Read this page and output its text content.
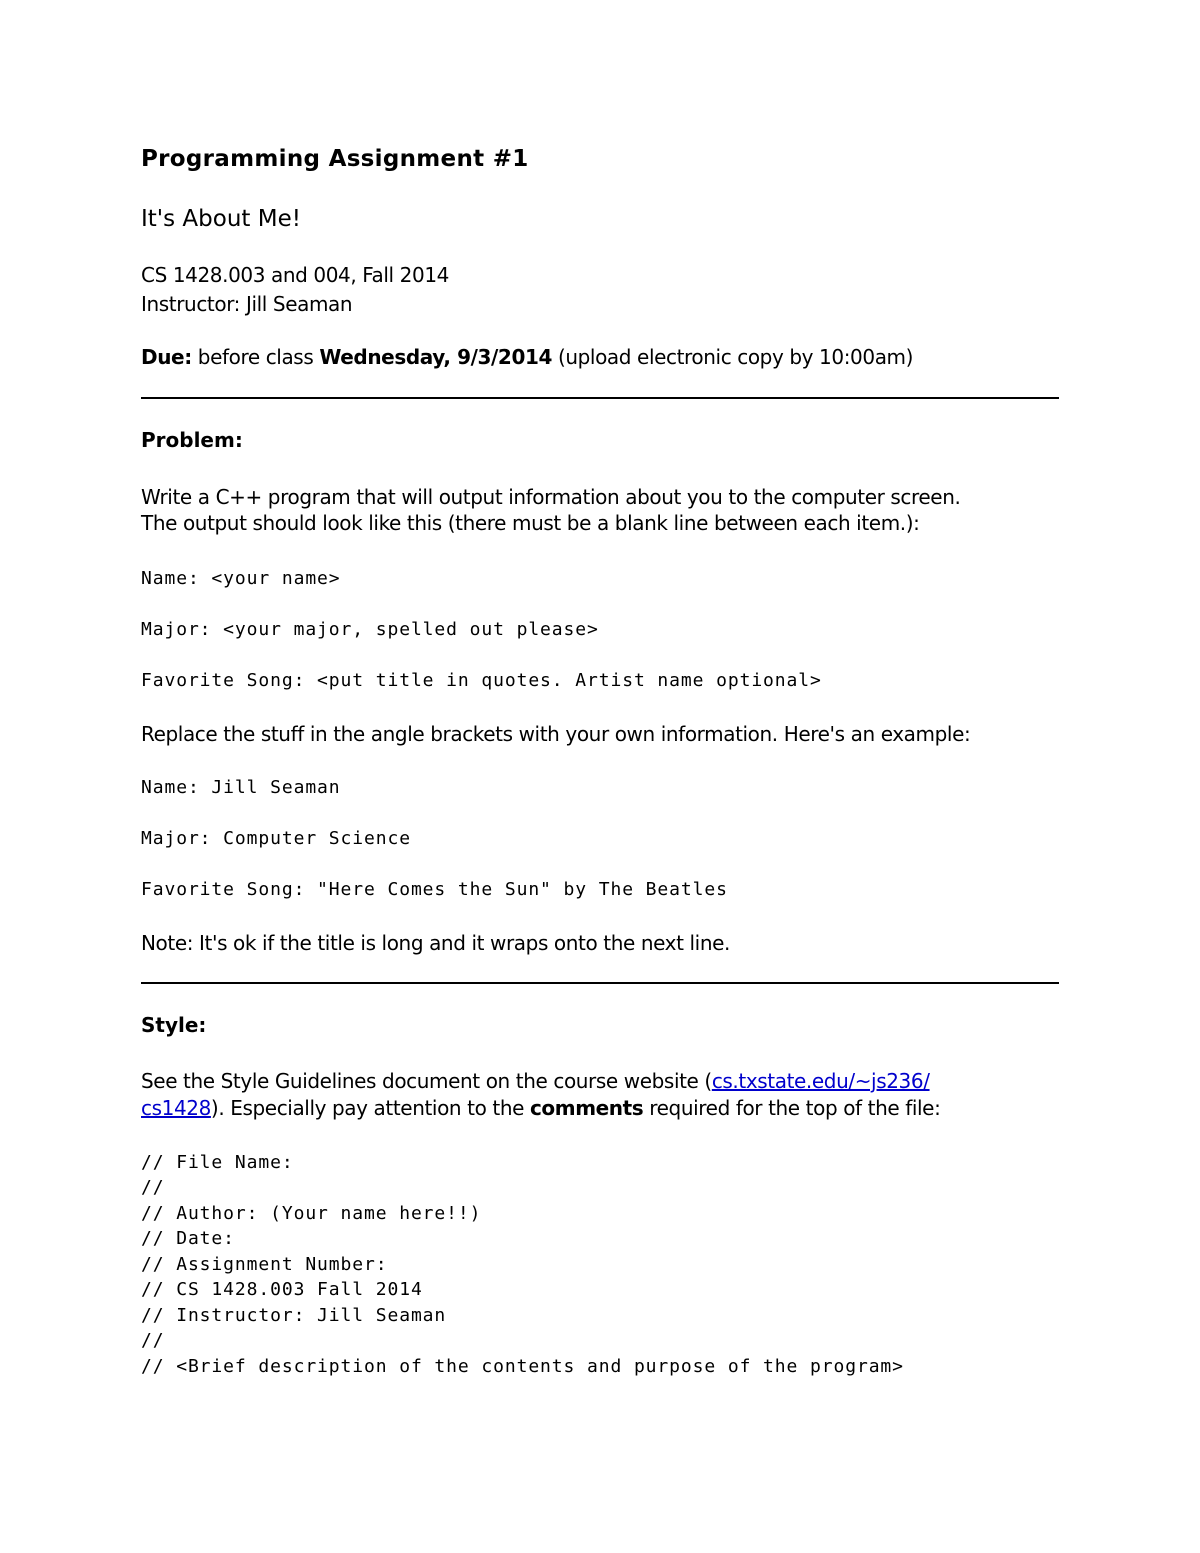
Programming Assignment #1
It's About Me!
CS 1428.003 and 004, Fall 2014
Instructor: Jill Seaman
Due: before class Wednesday, 9/3/2014 (upload electronic copy by 10:00am)
Problem:
Write a C++ program that will output information about you to the computer screen.
The output should look like this (there must be a blank line between each item.):
Name: <your name>
Major: <your major, spelled out please>
Favorite Song: <put title in quotes. Artist name optional>
Replace the stuff in the angle brackets with your own information. Here's an example:
Name: Jill Seaman
Major: Computer Science
Favorite Song: "Here Comes the Sun" by The Beatles
Note: It's ok if the title is long and it wraps onto the next line.
Style:
See the Style Guidelines document on the course website (cs.txstate.edu/~js236/
cs1428). Especially pay attention to the comments required for the top of the file:
// File Name:
//
// Author: (Your name here!!)
// Date:
// Assignment Number:
// CS 1428.003 Fall 2014
// Instructor: Jill Seaman
//
// <Brief description of the contents and purpose of the program>
